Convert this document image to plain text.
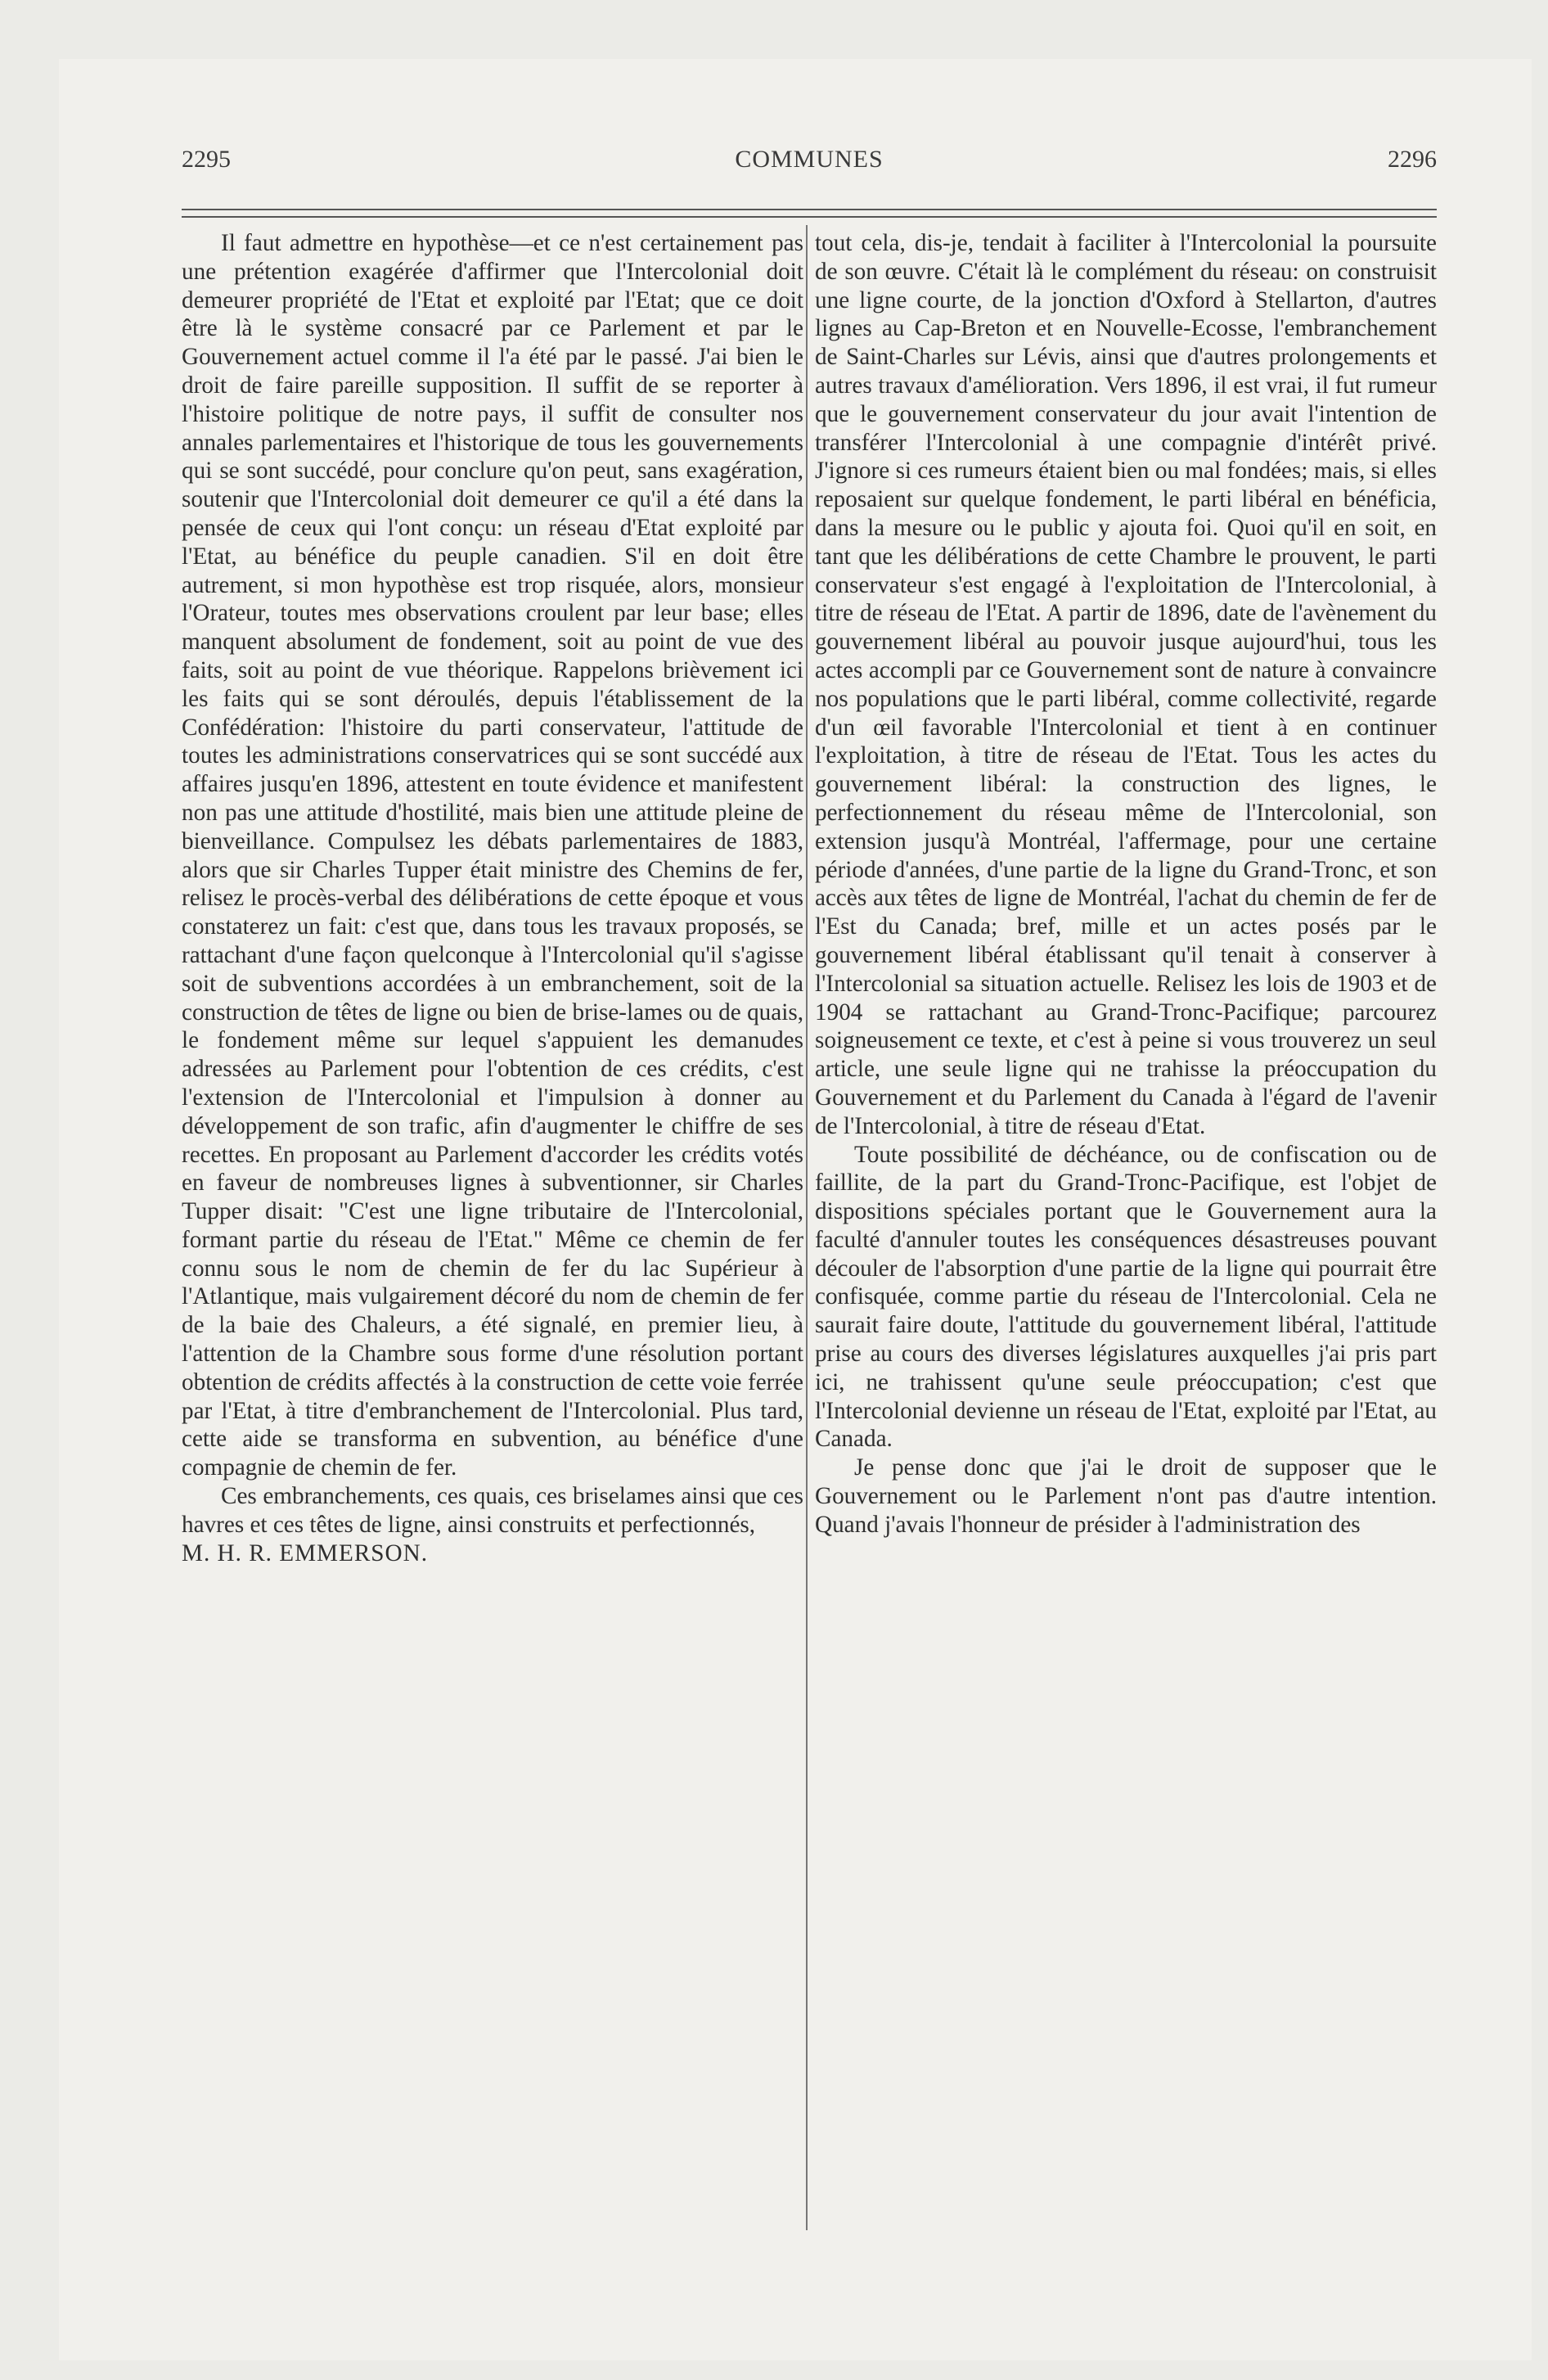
2295	COMMUNES	2296

Il faut admettre en hypothèse—et ce n'est certainement pas une prétention exagérée d'affirmer que l'Intercolonial doit demeurer propriété de l'Etat et exploité par l'Etat; que ce doit être là le système consacré par ce Parlement et par le Gouvernement actuel comme il l'a été par le passé. J'ai bien le droit de faire pareille supposition. Il suffit de se reporter à l'histoire politique de notre pays, il suffit de consulter nos annales parlementaires et l'historique de tous les gouvernements qui se sont succédé, pour conclure qu'on peut, sans exagération, soutenir que l'Intercolonial doit demeurer ce qu'il a été dans la pensée de ceux qui l'ont conçu: un réseau d'Etat exploité par l'Etat, au bénéfice du peuple canadien. S'il en doit être autrement, si mon hypothèse est trop risquée, alors, monsieur l'Orateur, toutes mes observations croulent par leur base; elles manquent absolument de fondement, soit au point de vue des faits, soit au point de vue théorique. Rappelons brièvement ici les faits qui se sont déroulés, depuis l'établissement de la Confédération: l'histoire du parti conservateur, l'attitude de toutes les administrations conservatrices qui se sont succédé aux affaires jusqu'en 1896, attestent en toute évidence et manifestent non pas une attitude d'hostilité, mais bien une attitude pleine de bienveillance. Compulsez les débats parlementaires de 1883, alors que sir Charles Tupper était ministre des Chemins de fer, relisez le procès-verbal des délibérations de cette époque et vous constaterez un fait: c'est que, dans tous les travaux proposés, se rattachant d'une façon quelconque à l'Intercolonial qu'il s'agisse soit de subventions accordées à un embranchement, soit de la construction de têtes de ligne ou bien de brise-lames ou de quais, le fondement même sur lequel s'appuient les demanudes adressées au Parlement pour l'obtention de ces crédits, c'est l'extension de l'Intercolonial et l'impulsion à donner au développement de son trafic, afin d'augmenter le chiffre de ses recettes. En proposant au Parlement d'accorder les crédits votés en faveur de nombreuses lignes à subventionner, sir Charles Tupper disait: "C'est une ligne tributaire de l'Intercolonial, formant partie du réseau de l'Etat." Même ce chemin de fer connu sous le nom de chemin de fer du lac Supérieur à l'Atlantique, mais vulgairement décoré du nom de chemin de fer de la baie des Chaleurs, a été signalé, en premier lieu, à l'attention de la Chambre sous forme d'une résolution portant obtention de crédits affectés à la construction de cette voie ferrée par l'Etat, à titre d'embranchement de l'Intercolonial. Plus tard, cette aide se transforma en subvention, au bénéfice d'une compagnie de chemin de fer.

Ces embranchements, ces quais, ces briselames ainsi que ces havres et ces têtes de ligne, ainsi construits et perfectionnés,

M. H. R. EMMERSON.

tout cela, dis-je, tendait à faciliter à l'Intercolonial la poursuite de son œuvre. C'était là le complément du réseau: on construisit une ligne courte, de la jonction d'Oxford à Stellarton, d'autres lignes au Cap-Breton et en Nouvelle-Ecosse, l'embranchement de Saint-Charles sur Lévis, ainsi que d'autres prolongements et autres travaux d'amélioration. Vers 1896, il est vrai, il fut rumeur que le gouvernement conservateur du jour avait l'intention de transférer l'Intercolonial à une compagnie d'intérêt privé. J'ignore si ces rumeurs étaient bien ou mal fondées; mais, si elles reposaient sur quelque fondement, le parti libéral en bénéficia, dans la mesure ou le public y ajouta foi. Quoi qu'il en soit, en tant que les délibérations de cette Chambre le prouvent, le parti conservateur s'est engagé à l'exploitation de l'Intercolonial, à titre de réseau de l'Etat. A partir de 1896, date de l'avènement du gouvernement libéral au pouvoir jusque aujourd'hui, tous les actes accompli par ce Gouvernement sont de nature à convaincre nos populations que le parti libéral, comme collectivité, regarde d'un œil favorable l'Intercolonial et tient à en continuer l'exploitation, à titre de réseau de l'Etat. Tous les actes du gouvernement libéral: la construction des lignes, le perfectionnement du réseau même de l'Intercolonial, son extension jusqu'à Montréal, l'affermage, pour une certaine période d'années, d'une partie de la ligne du Grand-Tronc, et son accès aux têtes de ligne de Montréal, l'achat du chemin de fer de l'Est du Canada; bref, mille et un actes posés par le gouvernement libéral établissant qu'il tenait à conserver à l'Intercolonial sa situation actuelle. Relisez les lois de 1903 et de 1904 se rattachant au Grand-Tronc-Pacifique; parcourez soigneusement ce texte, et c'est à peine si vous trouverez un seul article, une seule ligne qui ne trahisse la préoccupation du Gouvernement et du Parlement du Canada à l'égard de l'avenir de l'Intercolonial, à titre de réseau d'Etat.

Toute possibilité de déchéance, ou de confiscation ou de faillite, de la part du Grand-Tronc-Pacifique, est l'objet de dispositions spéciales portant que le Gouvernement aura la faculté d'annuler toutes les conséquences désastreuses pouvant découler de l'absorption d'une partie de la ligne qui pourrait être confisquée, comme partie du réseau de l'Intercolonial. Cela ne saurait faire doute, l'attitude du gouvernement libéral, l'attitude prise au cours des diverses législatures auxquelles j'ai pris part ici, ne trahissent qu'une seule préoccupation; c'est que l'Intercolonial devienne un réseau de l'Etat, exploité par l'Etat, au Canada.

Je pense donc que j'ai le droit de supposer que le Gouvernement ou le Parlement n'ont pas d'autre intention. Quand j'avais l'honneur de présider à l'administration des
